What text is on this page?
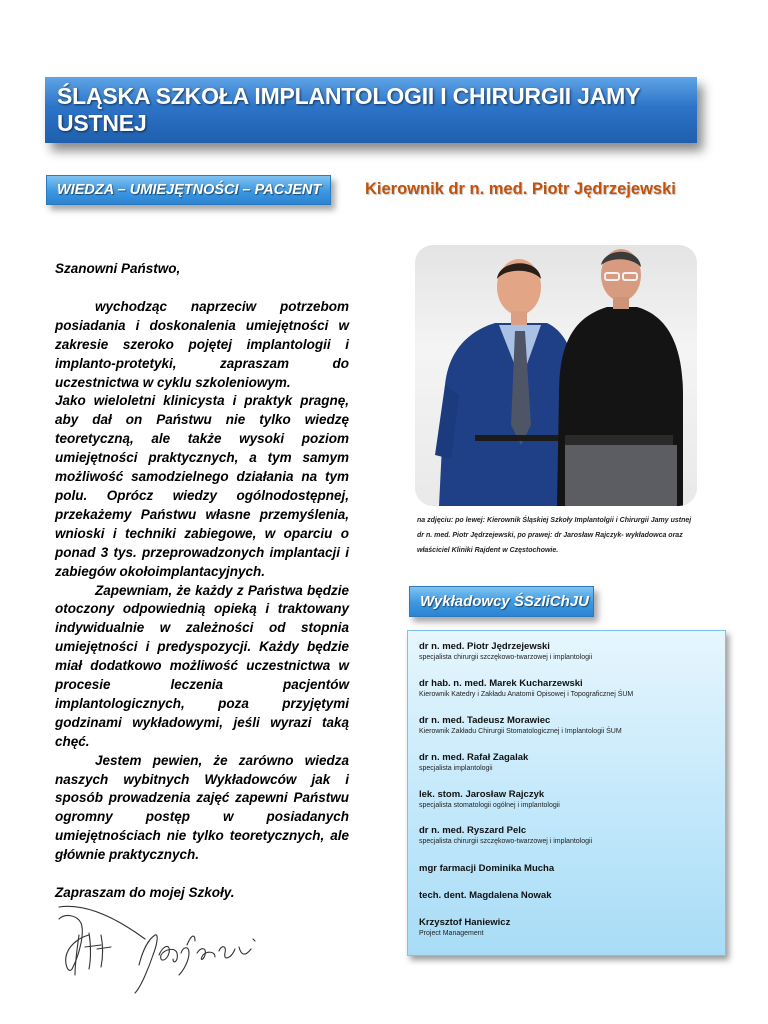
ŚLĄSKA SZKOŁA IMPLANTOLOGII I CHIRURGII JAMY USTNEJ
WIEDZA – UMIEJĘTNOŚCI – PACJENT	Kierownik dr n. med. Piotr Jędrzejewski

Szanowni Państwo,

wychodząc naprzeciw potrzebom posiadania i doskonalenia umiejętności w zakresie szeroko pojętej implantologii i implanto-protetyki, zapraszam do uczestnictwa w cyklu szkoleniowym.

Jako wieloletni klinicysta i praktyk pragnę, aby dał on Państwu nie tylko wiedzę teoretyczną, ale także wysoki poziom umiejętności praktycznych, a tym samym możliwość samodzielnego działania na tym polu. Oprócz wiedzy ogólnodostępnej, przekażemy Państwu własne przemyślenia, wnioski i techniki zabiegowe, w oparciu o ponad 3 tys. przeprowadzonych implantacji i zabiegów okołoimplantacyjnych.

Zapewniam, że każdy z Państwa będzie otoczony odpowiednią opieką i traktowany indywidualnie w zależności od stopnia umiejętności i predyspozycji. Każdy będzie miał dodatkowo możliwość uczestnictwa w procesie leczenia pacjentów implantologicznych, poza przyjętymi godzinami wykładowymi, jeśli wyrazi taką chęć.

Jestem pewien, że zarówno wiedza naszych wybitnych Wykładowców jak i sposób prowadzenia zajęć zapewni Państwu ogromny postęp w posiadanych umiejętnościach nie tylko teoretycznych, ale głównie praktycznych.

Zapraszam do mojej Szkoły.

na zdjęciu: po lewej: Kierownik Śląskiej Szkoły Implantolgii i Chirurgii Jamy ustnej
dr n. med. Piotr Jędrzejewski, po prawej: dr Jarosław Rajczyk- wykładowca oraz
właściciel Kliniki Rajdent w Częstochowie.
Wykładowcy ŚSzIiChJU
dr n. med. Piotr Jędrzejewski
specjalista chirurgii szczękowo-twarzowej i implantologii
dr hab. n. med. Marek Kucharzewski
Kierownik Katedry i Zakładu Anatomii Opisowej i Topograficznej ŚUM
dr n. med. Tadeusz Morawiec
Kierownik Zakładu Chirurgii Stomatologicznej i Implantologii ŚUM
dr n. med. Rafał Zagalak
specjalista implantologii
lek. stom. Jarosław Rajczyk
specjalista stomatologii ogólnej i implantologii
dr n. med. Ryszard Pelc
specjalista chirurgii szczękowo-twarzowej i implantologii
mgr farmacji Dominika Mucha
tech. dent. Magdalena Nowak
Krzysztof Haniewicz
Project Management
